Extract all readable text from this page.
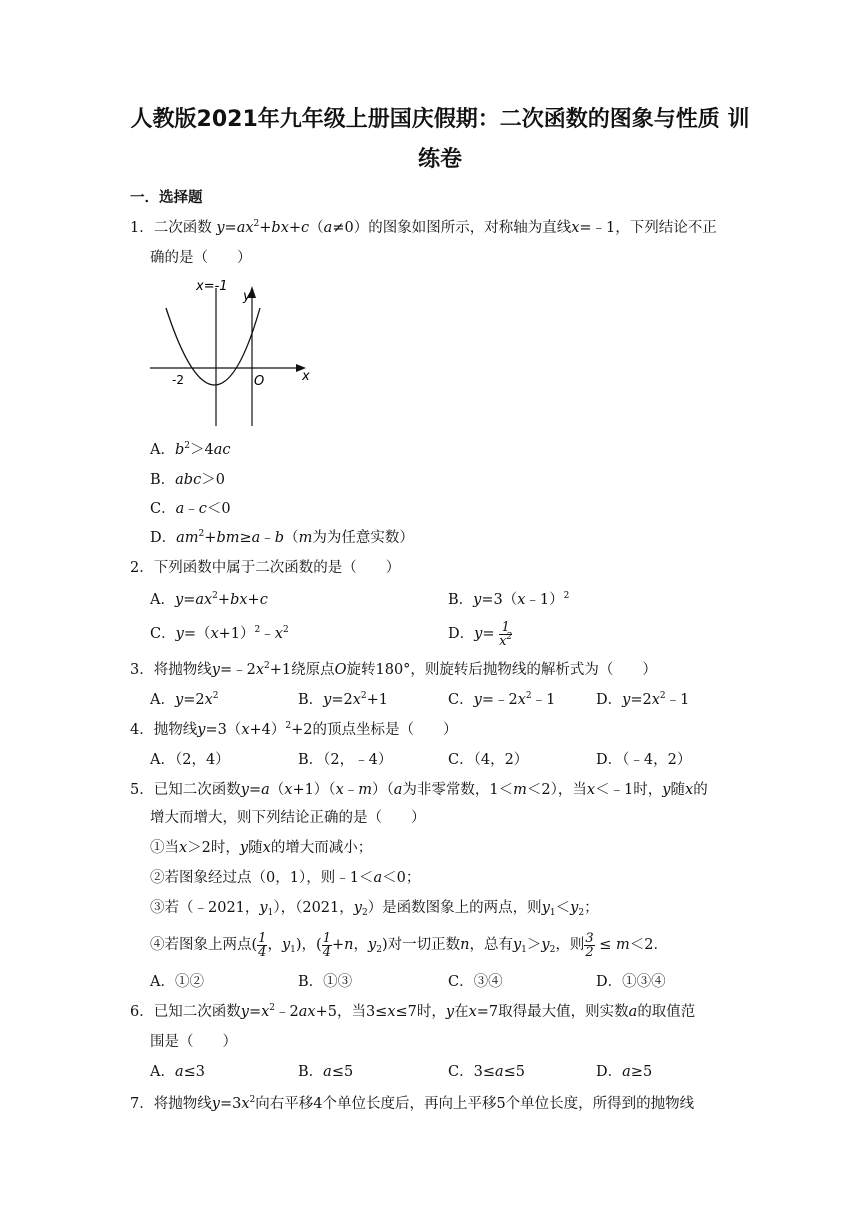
人教版2021年九年级上册国庆假期：二次函数的图象与性质 训
练卷
一．选择题
1．二次函数 $y=ax^2+bx+c(a\ne 0)$的图象如图所示，对称轴为直线x=﹣1，下列结论不正
确的是（　　）
x=-1
y
x
-2	O
A．$b^2>4ac$
B．abc＞0
C．a﹣c＜0
D．$am^2+bm\ge a﹣b(m$为为任意实数）
2．下列函数中属于二次函数的是（　　）
A．$y=ax^2+bx+c$	B．y=3（x﹣1）$^2$
C．$y=(x+1)^2﹣x^2$	D．$y= \frac{1}{x^2}$
3．将抛物线$y=﹣2x^2+1$绕原点O旋转180°，则旋转后抛物线的解析式为（　　）
A．$y=2x^2$	B．$y=2x^2+1$	C．$y=﹣2x^2﹣1$	D．$y=2x^2﹣1$
4．抛物线$y=3(x+4)^2+2$的顶点坐标是（　　）
A．（2，4）	B．（2，﹣4）	C．（4，2）	D．（﹣4，2）
5．已知二次函数y=a（x+1）（x﹣m）（a为非零常数，1＜m＜2），当x＜﹣1时，y随x的
增大而增大，则下列结论正确的是（　　）
①当x＞2时，y随x的增大而减小；
②若图象经过点（0，1），则﹣1＜a＜0；
③若（﹣2021，$y_1$），（2021，$y_2$）是函数图象上的两点，则$y_1<y_2$；
④若图象上两点( $\frac{1}{4}$ ，$y_1$)，( $\frac{1}{4} +n$，$y_2$)对一切正数n，总有$y_1>y_2$，则 $\frac{3}{2} \le m<2$．
A．①②	B．①③	C．③④	D．①③④
6．已知二次函数$y=x^2﹣2ax+5$，当3≤x≤7时，y在x=7取得最大值，则实数a的取值范
围是（　　）
A．a≤3	B．a≤5	C．3≤a≤5	D．a≥5
7．将抛物线$y=3x^2$向右平移4个单位长度后，再向上平移5个单位长度，所得到的抛物线
